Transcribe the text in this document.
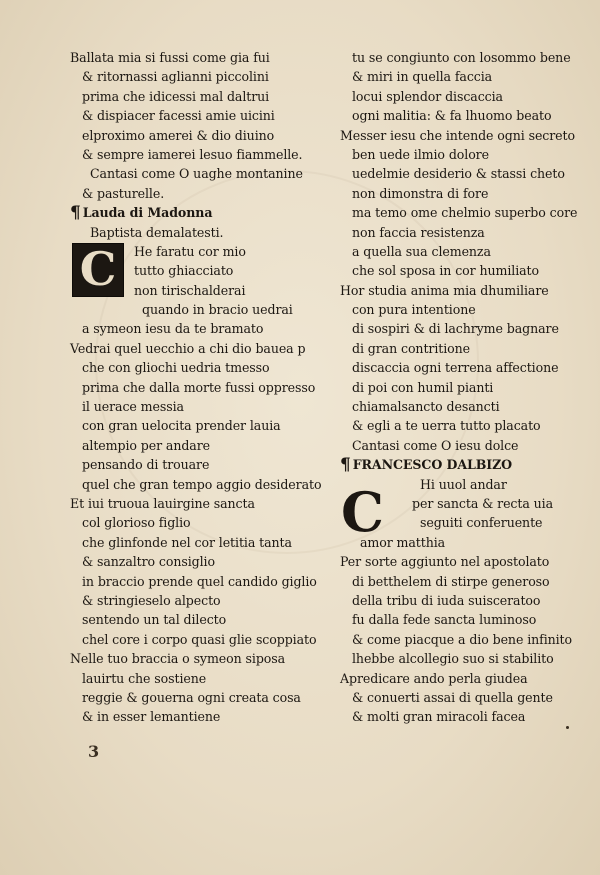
Ballata mia si fussi come gia fui
& ritornassi aglianni piccolini
prima che idicessi mal daltrui
& dispiacer facessi amie uicini
elproximo amerei & dio diuino
& sempre iamerei lesuo fiammelle.
Cantasi come O uaghe montanine
& pasturelle.
¶ Lauda di Madonna
Baptista demalatesti.
He faratu cor mio
tutto ghiacciato
non tirischalderai
quando in bracio uedrai
a symeon iesu da te bramato
Vedrai quel uecchio a chi dio bauea p
che con gliochi uedria tmesso
prima che dalla morte fussi oppresso
il uerace messia
con gran uelocita prender lauia
altempio per andare
pensando di trouare
quel che gran tempo aggio desiderato
Et iui truoua lauirgine sancta
col glorioso figlio
che glinfonde nel cor letitia tanta
& sanzaltro consiglio
in braccio prende quel candido giglio
& stringieselo alpecto
sentendo un tal dilecto
chel core i corpo quasi glie scoppiato
Nelle tuo braccia o symeon siposa
lauirtu che sostiene
reggie & gouerna ogni creata cosa
& in esser lemantiene
C
tu se congiunto con losommo bene
& miri in quella faccia
locui splendor discaccia
ogni malitia: & fa lhuomo beato
Messer iesu che intende ogni secreto
ben uede ilmio dolore
uedelmie desiderio & stassi cheto
non dimonstra di fore
ma temo ome chelmio superbo core
non faccia resistenza
a quella sua clemenza
che sol sposa in cor humiliato
Hor studia anima mia dhumiliare
con pura intentione
di sospiri & di lachryme bagnare
di gran contritione
discaccia ogni terrena affectione
di poi con humil pianti
chiamalsancto desancti
& egli a te uerra tutto placato
Cantasi come O iesu dolce
¶ FRANCESCO DALBIZO
Hi uuol andar
per sancta & recta uia
seguiti conferuente
amor matthia
Per sorte aggiunto nel apostolato
di betthelem di stirpe generoso
della tribu di iuda suisceratoo
fu dalla fede sancta luminoso
& come piacque a dio bene infinito
lhebbe alcollegio suo si stabilito
Apredicare ando perla giudea
& conuerti assai di quella gente
& molti gran miracoli facea
C
3
